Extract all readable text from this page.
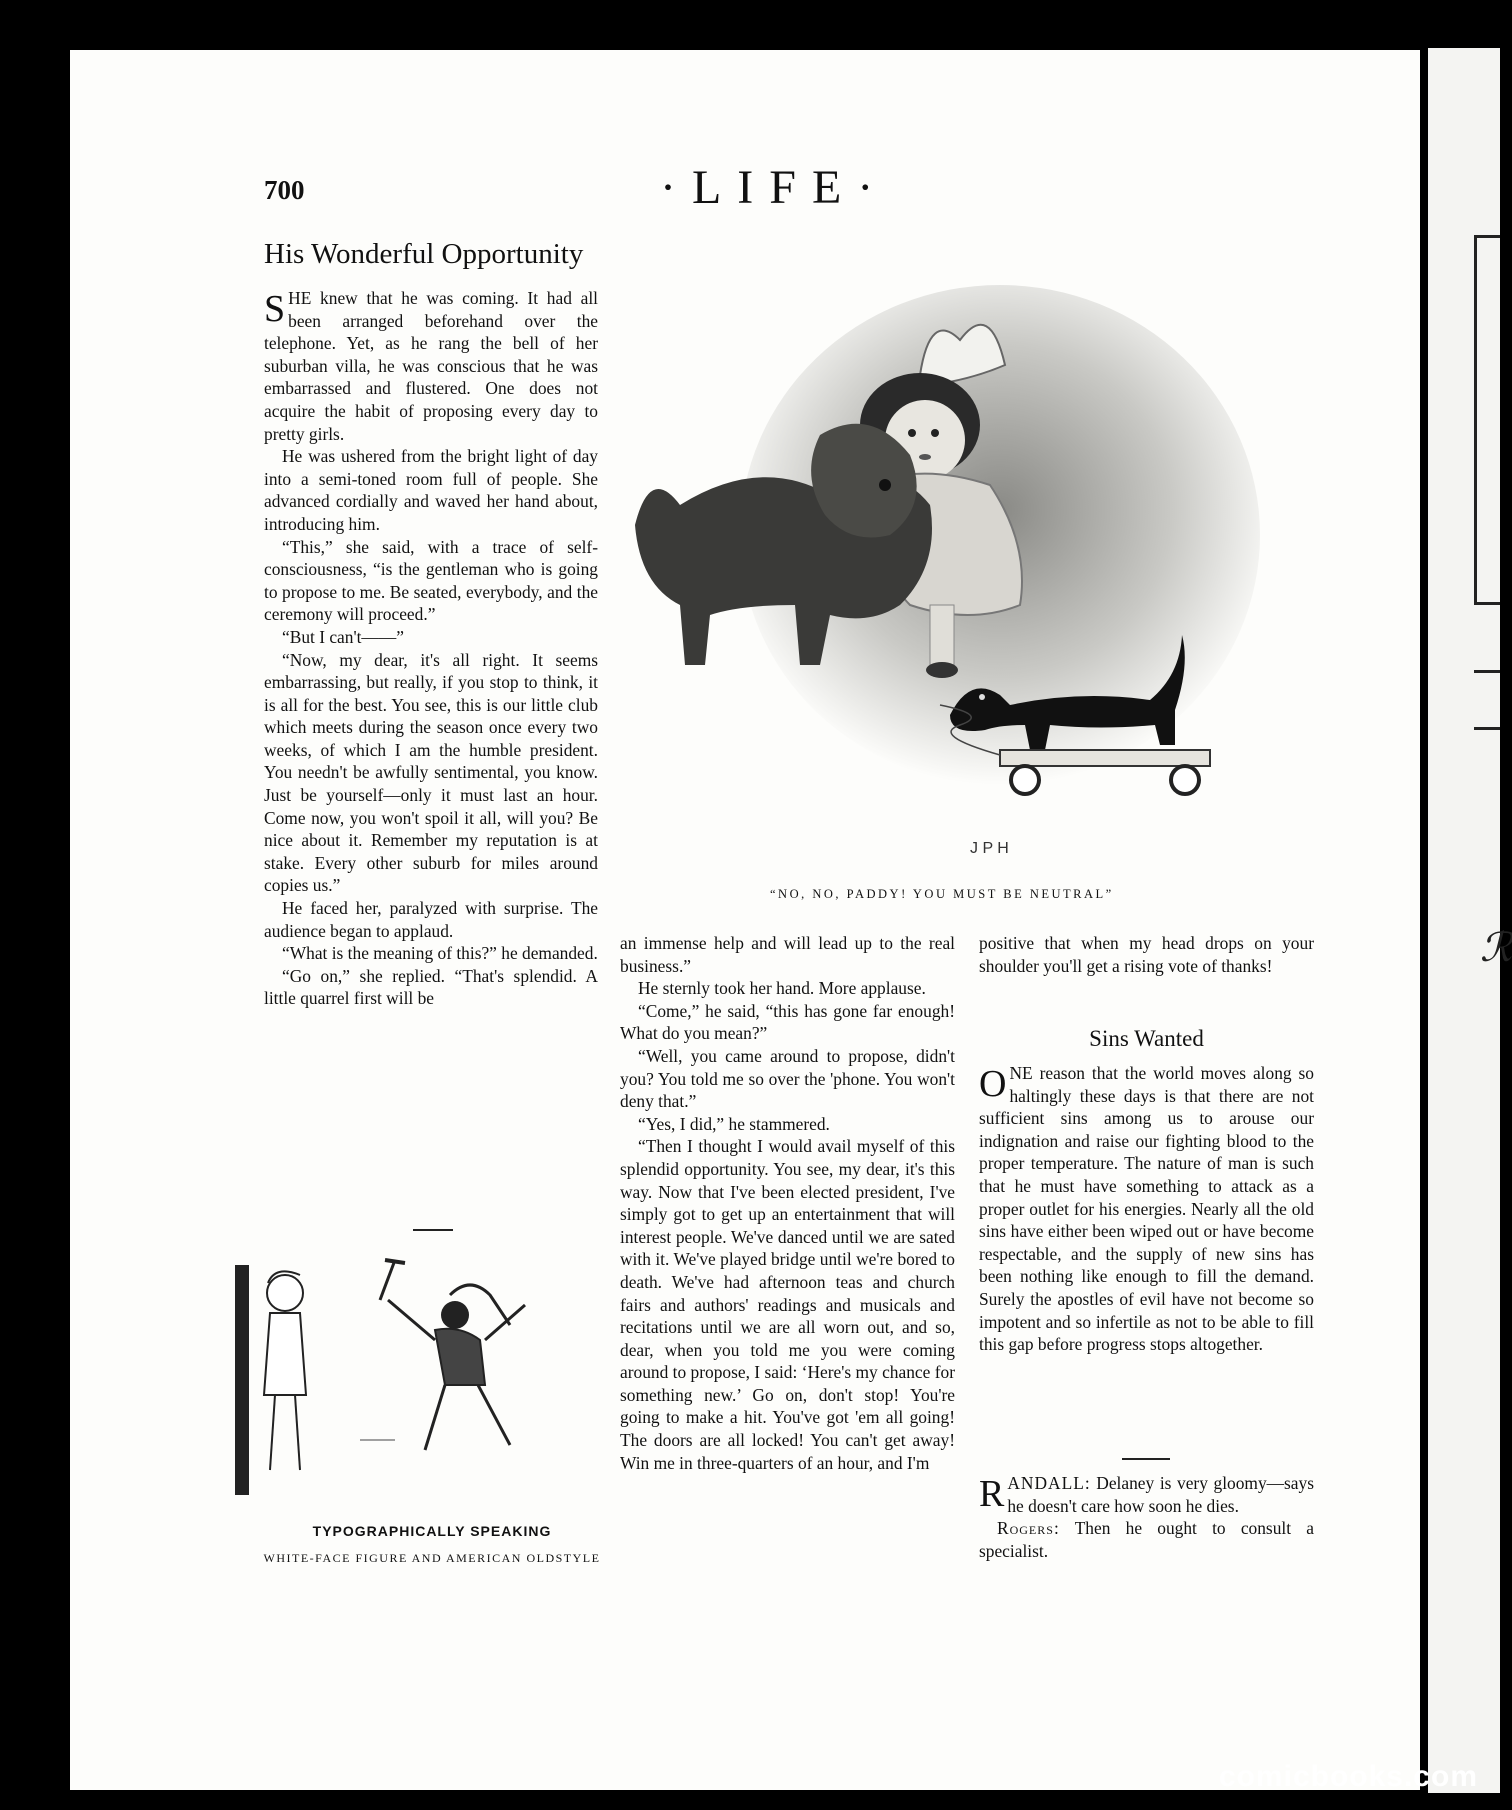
ℛ
700	·LIFE·
His Wonderful Opportunity

SHE knew that he was coming. It had all been arranged beforehand over the telephone. Yet, as he rang the bell of her suburban villa, he was conscious that he was embarrassed and flustered. One does not acquire the habit of proposing every day to pretty girls.

He was ushered from the bright light of day into a semi-toned room full of people. She advanced cordially and waved her hand about, introducing him.

“This,” she said, with a trace of self- consciousness, “is the gentleman who is going to propose to me. Be seated, everybody, and the ceremony will proceed.”

“But I can't——”

“Now, my dear, it's all right. It seems embarrassing, but really, if you stop to think, it is all for the best. You see, this is our little club which meets during the season once every two weeks, of which I am the humble president. You needn't be awfully sentimental, you know. Just be yourself—only it must last an hour. Come now, you won't spoil it all, will you? Be nice about it. Remember my reputation is at stake. Every other suburb for miles around copies us.”

He faced her, paralyzed with surprise. The audience began to applaud.

“What is the meaning of this?” he demanded.

“Go on,” she replied. “That's splendid. A little quarrel first will be

an immense help and will lead up to the real business.”

He sternly took her hand. More applause.

“Come,” he said, “this has gone far enough! What do you mean?”

“Well, you came around to propose, didn't you? You told me so over the 'phone. You won't deny that.”

“Yes, I did,” he stammered.

“Then I thought I would avail myself of this splendid opportunity. You see, my dear, it's this way. Now that I've been elected president, I've simply got to get up an entertainment that will interest people. We've danced until we are sated with it. We've played bridge until we're bored to death. We've had afternoon teas and church fairs and authors' readings and musicals and recitations until we are all worn out, and so, dear, when you told me you were coming around to propose, I said: ‘Here's my chance for something new.’ Go on, don't stop! You're going to make a hit. You've got 'em all going! The doors are all locked! You can't get away! Win me in three-quarters of an hour, and I'm

positive that when my head drops on your shoulder you'll get a rising vote of thanks!

J P H
“NO, NO, PADDY! YOU MUST BE NEUTRAL”
TYPOGRAPHICALLY SPEAKING
WHITE-FACE FIGURE AND AMERICAN OLDSTYLE
Sins Wanted

ONE reason that the world moves along so haltingly these days is that there are not sufficient sins among us to arouse our indignation and raise our fighting blood to the proper temperature. The nature of man is such that he must have something to attack as a proper outlet for his energies. Nearly all the old sins have either been wiped out or have become respectable, and the supply of new sins has been nothing like enough to fill the demand. Surely the apostles of evil have not become so impotent and so infertile as not to be able to fill this gap before progress stops altogether.

RANDALL: Delaney is very gloomy—says he doesn't care how soon he dies.

Rogers: Then he ought to consult a specialist.

comicbooks.com
